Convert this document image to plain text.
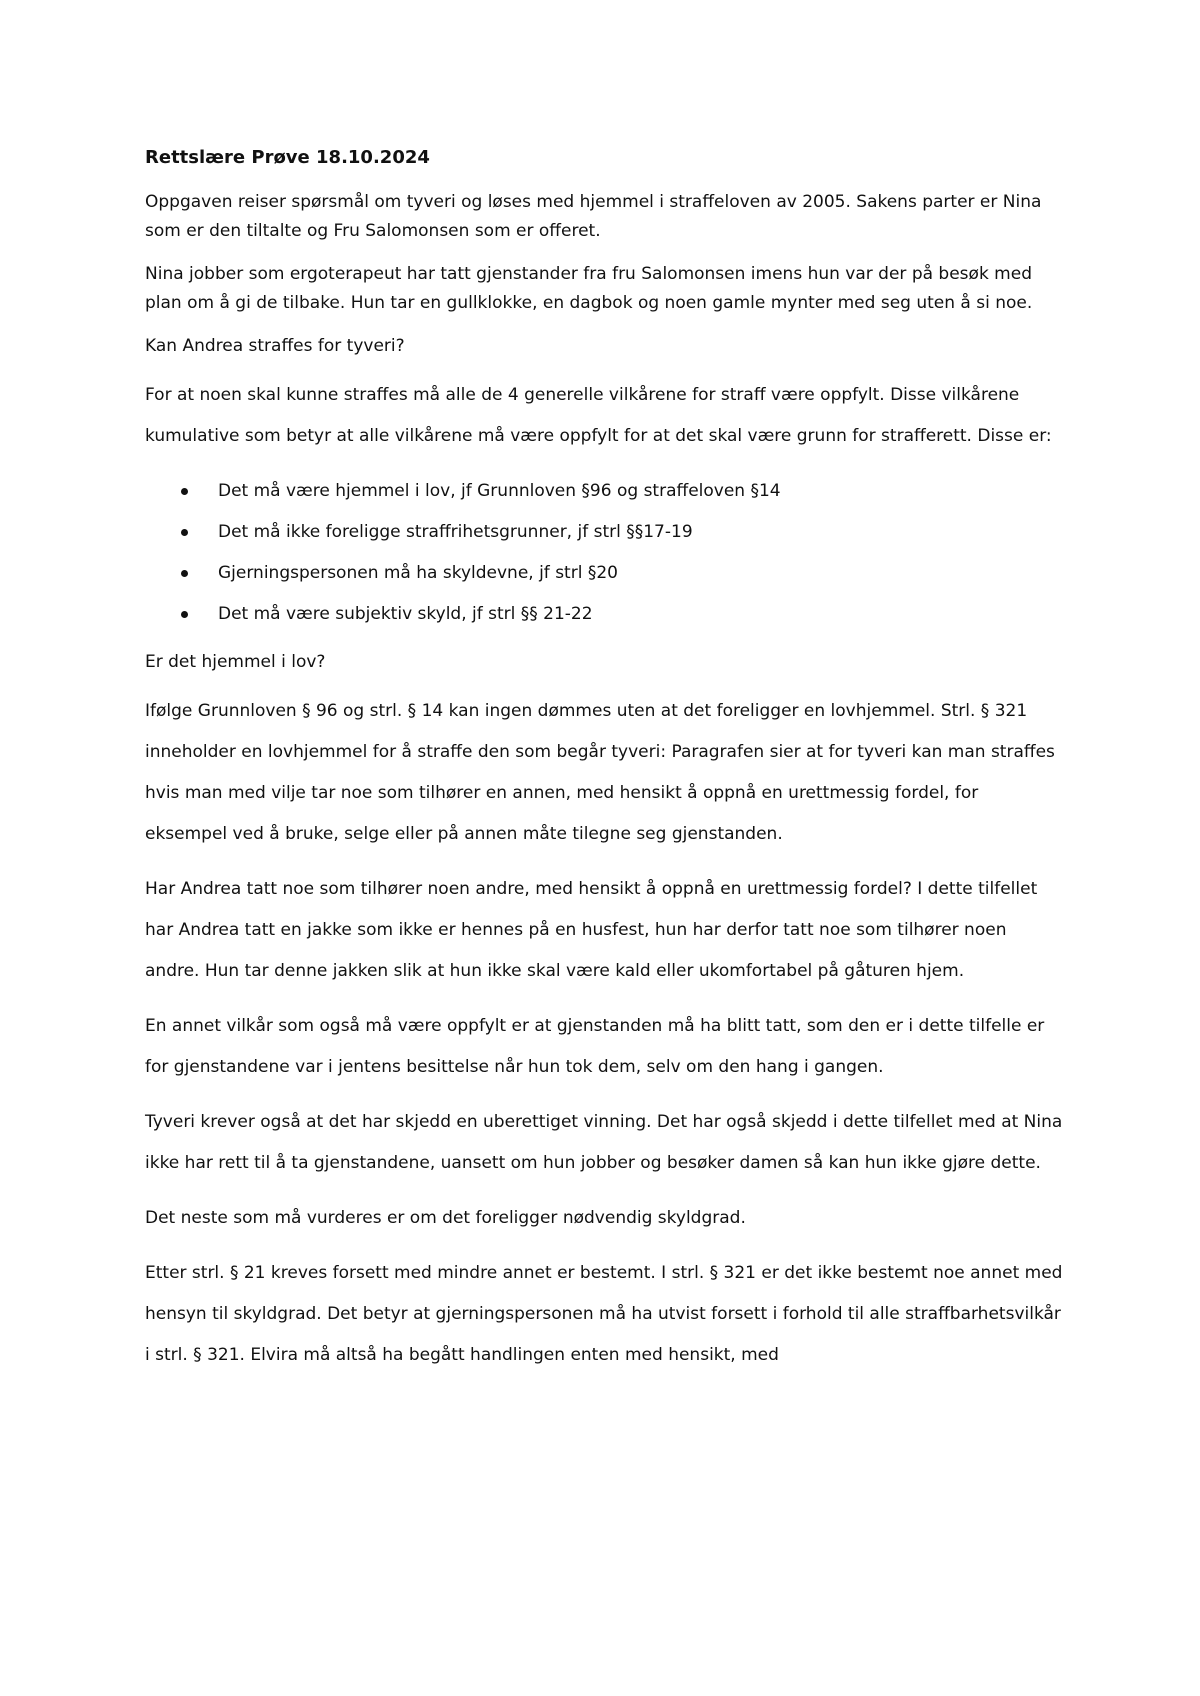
Rettslære Prøve 18.10.2024

Oppgaven reiser spørsmål om tyveri og løses med hjemmel i straffeloven av 2005. Sakens parter er Nina som er den tiltalte og Fru Salomonsen som er offeret.

Nina jobber som ergoterapeut har tatt gjenstander fra fru Salomonsen imens hun var der på besøk med plan om å gi de tilbake. Hun tar en gullklokke, en dagbok og noen gamle mynter med seg uten å si noe.

Kan Andrea straffes for tyveri?

For at noen skal kunne straffes må alle de 4 generelle vilkårene for straff være oppfylt. Disse vilkårene kumulative som betyr at alle vilkårene må være oppfylt for at det skal være grunn for strafferett. Disse er:

Det må være hjemmel i lov, jf Grunnloven §96 og straffeloven §14
Det må ikke foreligge straffrihetsgrunner, jf strl §§17-19
Gjerningspersonen må ha skyldevne, jf strl §20
Det må være subjektiv skyld, jf strl §§ 21-22

Er det hjemmel i lov?

Ifølge Grunnloven § 96 og strl. § 14 kan ingen dømmes uten at det foreligger en lovhjemmel. Strl. § 321 inneholder en lovhjemmel for å straffe den som begår tyveri: Paragrafen sier at for tyveri kan man straffes hvis man med vilje tar noe som tilhører en annen, med hensikt å oppnå en urettmessig fordel, for eksempel ved å bruke, selge eller på annen måte tilegne seg gjenstanden.

Har Andrea tatt noe som tilhører noen andre, med hensikt å oppnå en urettmessig fordel? I dette tilfellet har Andrea tatt en jakke som ikke er hennes på en husfest, hun har derfor tatt noe som tilhører noen andre. Hun tar denne jakken slik at hun ikke skal være kald eller ukomfortabel på gåturen hjem.

En annet vilkår som også må være oppfylt er at gjenstanden må ha blitt tatt, som den er i dette tilfelle er for gjenstandene var i jentens besittelse når hun tok dem, selv om den hang i gangen.

Tyveri krever også at det har skjedd en uberettiget vinning. Det har også skjedd i dette tilfellet med at Nina ikke har rett til å ta gjenstandene, uansett om hun jobber og besøker damen så kan hun ikke gjøre dette.

Det neste som må vurderes er om det foreligger nødvendig skyldgrad.

Etter strl. § 21 kreves forsett med mindre annet er bestemt. I strl. § 321 er det ikke bestemt noe annet med hensyn til skyldgrad. Det betyr at gjerningspersonen må ha utvist forsett i forhold til alle straffbarhetsvilkår i strl. § 321. Elvira må altså ha begått handlingen enten med hensikt, med
